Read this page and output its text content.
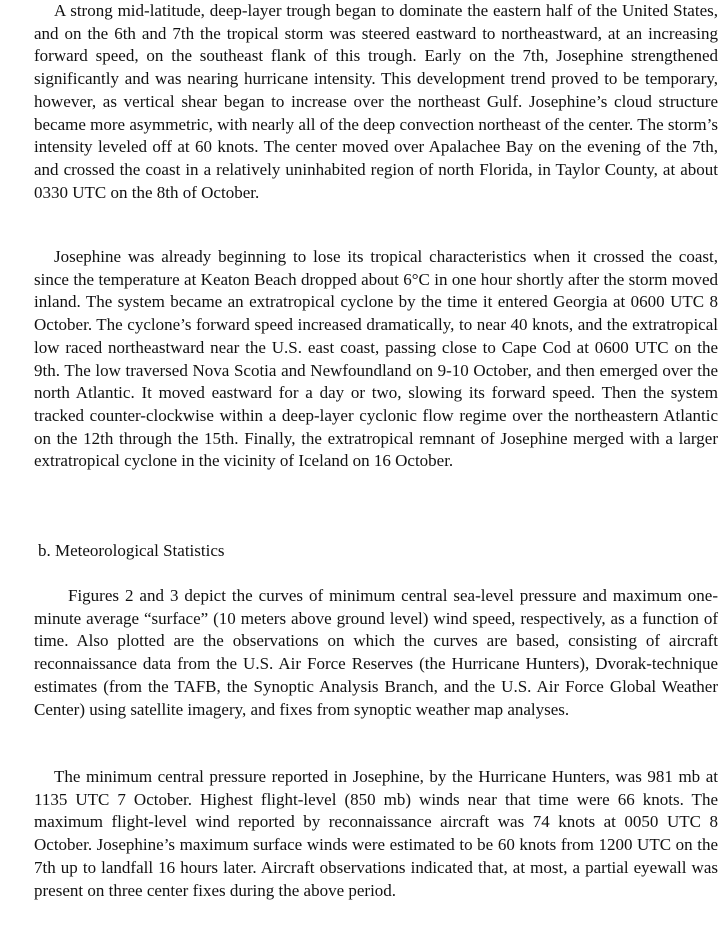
A strong mid-latitude, deep-layer trough began to dominate the eastern half of the United States, and on the 6th and 7th the tropical storm was steered eastward to northeastward, at an increasing forward speed, on the southeast flank of this trough. Early on the 7th, Josephine strengthened significantly and was nearing hurricane intensity. This development trend proved to be temporary, however, as vertical shear began to increase over the northeast Gulf. Josephine’s cloud structure became more asymmetric, with nearly all of the deep convection northeast of the center. The storm’s intensity leveled off at 60 knots. The center moved over Apalachee Bay on the evening of the 7th, and crossed the coast in a relatively uninhabited region of north Florida, in Taylor County, at about 0330 UTC on the 8th of October.

Josephine was already beginning to lose its tropical characteristics when it crossed the coast, since the temperature at Keaton Beach dropped about 6°C in one hour shortly after the storm moved inland. The system became an extratropical cyclone by the time it entered Georgia at 0600 UTC 8 October. The cyclone’s forward speed increased dramatically, to near 40 knots, and the extratropical low raced northeastward near the U.S. east coast, passing close to Cape Cod at 0600 UTC on the 9th. The low traversed Nova Scotia and Newfoundland on 9-10 October, and then emerged over the north Atlantic. It moved eastward for a day or two, slowing its forward speed. Then the system tracked counter-clockwise within a deep-layer cyclonic flow regime over the northeastern Atlantic on the 12th through the 15th. Finally, the extratropical remnant of Josephine merged with a larger extratropical cyclone in the vicinity of Iceland on 16 October.

b. Meteorological Statistics

Figures 2 and 3 depict the curves of minimum central sea-level pressure and maximum one-minute average “surface” (10 meters above ground level) wind speed, respectively, as a function of time. Also plotted are the observations on which the curves are based, consisting of aircraft reconnaissance data from the U.S. Air Force Reserves (the Hurricane Hunters), Dvorak-technique estimates (from the TAFB, the Synoptic Analysis Branch, and the U.S. Air Force Global Weather Center) using satellite imagery, and fixes from synoptic weather map analyses.

The minimum central pressure reported in Josephine, by the Hurricane Hunters, was 981 mb at 1135 UTC 7 October. Highest flight-level (850 mb) winds near that time were 66 knots. The maximum flight-level wind reported by reconnaissance aircraft was 74 knots at 0050 UTC 8 October. Josephine’s maximum surface winds were estimated to be 60 knots from 1200 UTC on the 7th up to landfall 16 hours later. Aircraft observations indicated that, at most, a partial eyewall was present on three center fixes during the above period.
